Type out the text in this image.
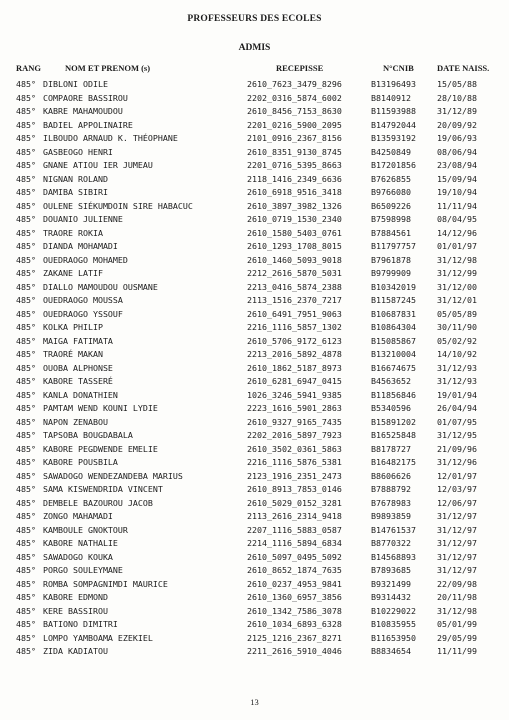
PROFESSEURS DES ECOLES
ADMIS
RANG	NOM ET PRENOM (s)	RECEPISSE	N°CNIB	DATE NAISS.
485° DIBLONI ODILE	2610_7623_3479_8296	B13196493	15/05/88
485° COMPAORE BASSIROU	2202_0316_5874_6002	B8140912	28/10/88
485° KABRE MAHAMOUDOU	2610_8456_7153_8630	B11593988	31/12/89
485° BADIEL APPOLINAIRE	2201_0216_5900_2095	B14792044	20/09/92
485° ILBOUDO ARNAUD K. THÉOPHANE	2101_0916_2367_8156	B13593192	19/06/93
485° GASBEOGO HENRI	2610_8351_9130_8745	B4250849	08/06/94
485° GNANE ATIOU IER JUMEAU	2201_0716_5395_8663	B17201856	23/08/94
485° NIGNAN ROLAND	2118_1416_2349_6636	B7626855	15/09/94
485° DAMIBA SIBIRI	2610_6918_9516_3418	B9766080	19/10/94
485° OULENE SIÉKUMDOIN SIRE HABACUC	2610_3897_3982_1326	B6509226	11/11/94
485° DOUANIO JULIENNE	2610_0719_1530_2340	B7598998	08/04/95
485° TRAORE ROKIA	2610_1580_5403_0761	B7884561	14/12/96
485° DIANDA MOHAMADI	2610_1293_1708_8015	B11797757	01/01/97
485° OUEDRAOGO MOHAMED	2610_1460_5093_9018	B7961878	31/12/98
485° ZAKANE LATIF	2212_2616_5870_5031	B9799909	31/12/99
485° DIALLO MAMOUDOU OUSMANE	2213_0416_5874_2388	B10342019	31/12/00
485° OUEDRAOGO MOUSSA	2113_1516_2370_7217	B11587245	31/12/01
485° OUEDRAOGO YSSOUF	2610_6491_7951_9063	B10687831	05/05/89
485° KOLKA PHILIP	2216_1116_5857_1302	B10864304	30/11/90
485° MAIGA FATIMATA	2610_5706_9172_6123	B15085867	05/02/92
485° TRAORÉ MAKAN	2213_2016_5892_4878	B13210004	14/10/92
485° OUOBA ALPHONSE	2610_1862_5187_8973	B16674675	31/12/93
485° KABORE TASSERÉ	2610_6281_6947_0415	B4563652	31/12/93
485° KANLA DONATHIEN	1026_3246_5941_9385	B11856846	19/01/94
485° PAMTAM WEND KOUNI LYDIE	2223_1616_5901_2863	B5340596	26/04/94
485° NAPON ZENABOU	2610_9327_9165_7435	B15891202	01/07/95
485° TAPSOBA BOUGDABALA	2202_2016_5897_7923	B16525848	31/12/95
485° KABORE PEGDWENDE EMELIE	2610_3502_0361_5863	B8178727	21/09/96
485° KABORE POUSBILA	2216_1116_5876_5381	B16482175	31/12/96
485° SAWADOGO WENDEZANDEBA MARIUS	2123_1916_2351_2473	B8606626	12/01/97
485° SAMA KISWENDRIDA VINCENT	2610_8913_7853_0146	B7888792	12/03/97
485° DEMBELE BAZOUROU JACOB	2610_5029_0152_3281	B7678983	12/06/97
485° ZONGO MAHAMADI	2113_2616_2314_9418	B9893859	31/12/97
485° KAMBOULE GNOKTOUR	2207_1116_5883_0587	B14761537	31/12/97
485° KABORE NATHALIE	2214_1116_5894_6834	B8770322	31/12/97
485° SAWADOGO KOUKA	2610_5097_0495_5092	B14568893	31/12/97
485° PORGO SOULEYMANE	2610_8652_1874_7635	B7893685	31/12/97
485° ROMBA SOMPAGNIMDI MAURICE	2610_0237_4953_9841	B9321499	22/09/98
485° KABORE EDMOND	2610_1360_6957_3856	B9314432	20/11/98
485° KERE BASSIROU	2610_1342_7586_3078	B10229022	31/12/98
485° BATIONO DIMITRI	2610_1034_6893_6328	B10835955	05/01/99
485° LOMPO YAMBOAMA EZEKIEL	2125_1216_2367_8271	B11653950	29/05/99
485° ZIDA KADIATOU	2211_2616_5910_4046	B8834654	11/11/99
13
